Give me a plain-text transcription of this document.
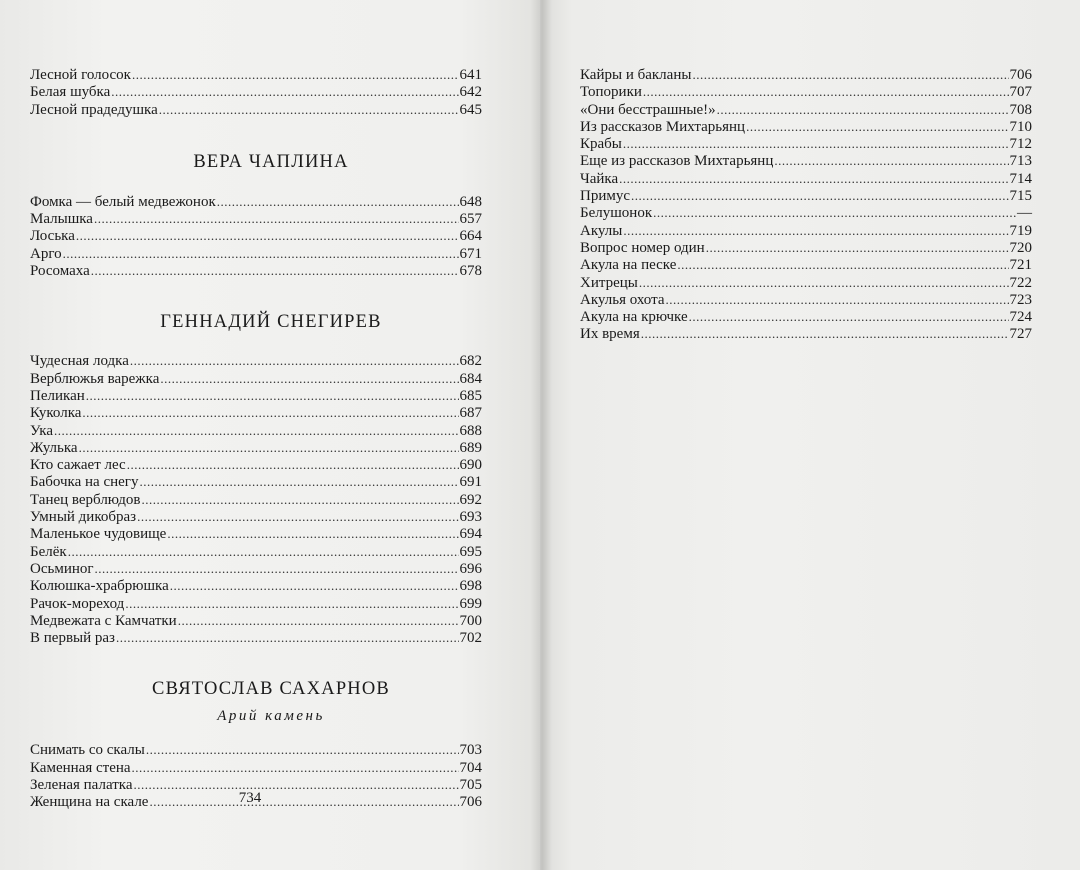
Лесной голосок .....	641
Белая шубка .....	642
Лесной прадедушка .....	645
ВЕРА ЧАПЛИНА
Фомка — белый медвежонок .....	648
Малышка .....	657
Лоська .....	664
Арго .....	671
Росомаха .....	678
ГЕННАДИЙ СНЕГИРЕВ
Чудесная лодка .....	682
Верблюжья варежка .....	684
Пеликан .....	685
Куколка .....	687
Ука .....	688
Жулька .....	689
Кто сажает лес .....	690
Бабочка на снегу .....	691
Танец верблюдов .....	692
Умный дикобраз .....	693
Маленькое чудовище .....	694
Белёк .....	695
Осьминог .....	696
Колюшка-храбрюшка .....	698
Рачок-мореход .....	699
Медвежата с Камчатки .....	700
В первый раз .....	702
СВЯТОСЛАВ САХАРНОВ
Арий камень
Снимать со скалы .....	703
Каменная стена .....	704
Зеленая палатка .....	705
Женщина на скале .....	706
734
Кайры и бакланы .....	706
Топорики .....	707
«Они бесстрашные!» .....	708
Из рассказов Михтарьянц .....	710
Крабы .....	712
Еще из рассказов Михтарьянц .....	713
Чайка .....	714
Примус .....	715
Белушонок .....	—
Акулы .....	719
Вопрос номер один .....	720
Акула на песке .....	721
Хитрецы .....	722
Акулья охота .....	723
Акула на крючке .....	724
Их время .....	727
